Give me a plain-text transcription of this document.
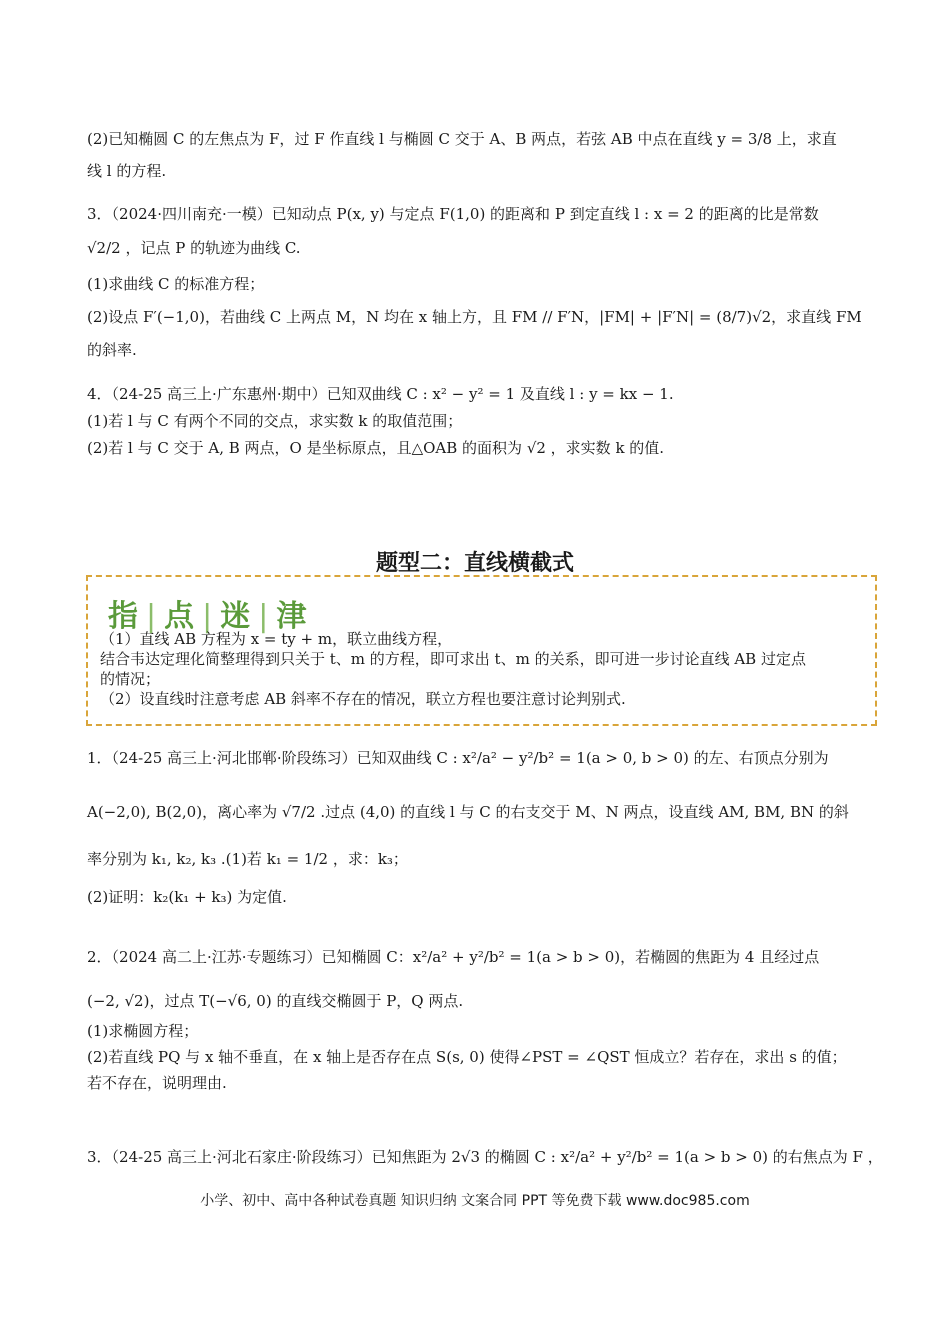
(2)已知椭圆 C 的左焦点为 F，过 F 作直线 l 与椭圆 C 交于 A、B 两点，若弦 AB 中点在直线 y = 3/8 上，求直
线 l 的方程.
3．（2024·四川南充·一模）已知动点 P(x, y) 与定点 F(1,0) 的距离和 P 到定直线 l : x = 2 的距离的比是常数
√2/2 ，记点 P 的轨迹为曲线 C.
(1)求曲线 C 的标准方程；
(2)设点 F′(−1,0)，若曲线 C 上两点 M，N 均在 x 轴上方，且 FM // F′N，|FM| + |F′N| = (8/7)√2，求直线 FM
的斜率.
4．（24-25 高三上·广东惠州·期中）已知双曲线 C : x² − y² = 1 及直线 l : y = kx − 1.
(1)若 l 与 C 有两个不同的交点，求实数 k 的取值范围；
(2)若 l 与 C 交于 A, B 两点，O 是坐标原点，且△OAB 的面积为 √2 ，求实数 k 的值.
题型二：直线横截式
指 | 点 | 迷 | 津
（1）直线 AB 方程为 x = ty + m，联立曲线方程，
结合韦达定理化简整理得到只关于 t、m 的方程，即可求出 t、m 的关系，即可进一步讨论直线 AB 过定点
的情况；
（2）设直线时注意考虑 AB 斜率不存在的情况，联立方程也要注意讨论判别式.
1．（24-25 高三上·河北邯郸·阶段练习）已知双曲线 C : x²/a² − y²/b² = 1(a > 0, b > 0) 的左、右顶点分别为
A(−2,0), B(2,0)，离心率为 √7/2 .过点 (4,0) 的直线 l 与 C 的右支交于 M、N 两点，设直线 AM, BM, BN 的斜
率分别为 k₁, k₂, k₃ .(1)若 k₁ = 1/2 ，求：k₃；
(2)证明：k₂(k₁ + k₃) 为定值.
2．（2024 高二上·江苏·专题练习）已知椭圆 C：x²/a² + y²/b² = 1(a > b > 0)，若椭圆的焦距为 4 且经过点
(−2, √2)，过点 T(−√6, 0) 的直线交椭圆于 P，Q 两点.
(1)求椭圆方程；
(2)若直线 PQ 与 x 轴不垂直，在 x 轴上是否存在点 S(s, 0) 使得∠PST = ∠QST 恒成立？若存在，求出 s 的值；
若不存在，说明理由.
3．（24-25 高三上·河北石家庄·阶段练习）已知焦距为 2√3 的椭圆 C : x²/a² + y²/b² = 1(a > b > 0) 的右焦点为 F ，
小学、初中、高中各种试卷真题 知识归纳 文案合同 PPT 等免费下载 www.doc985.com
